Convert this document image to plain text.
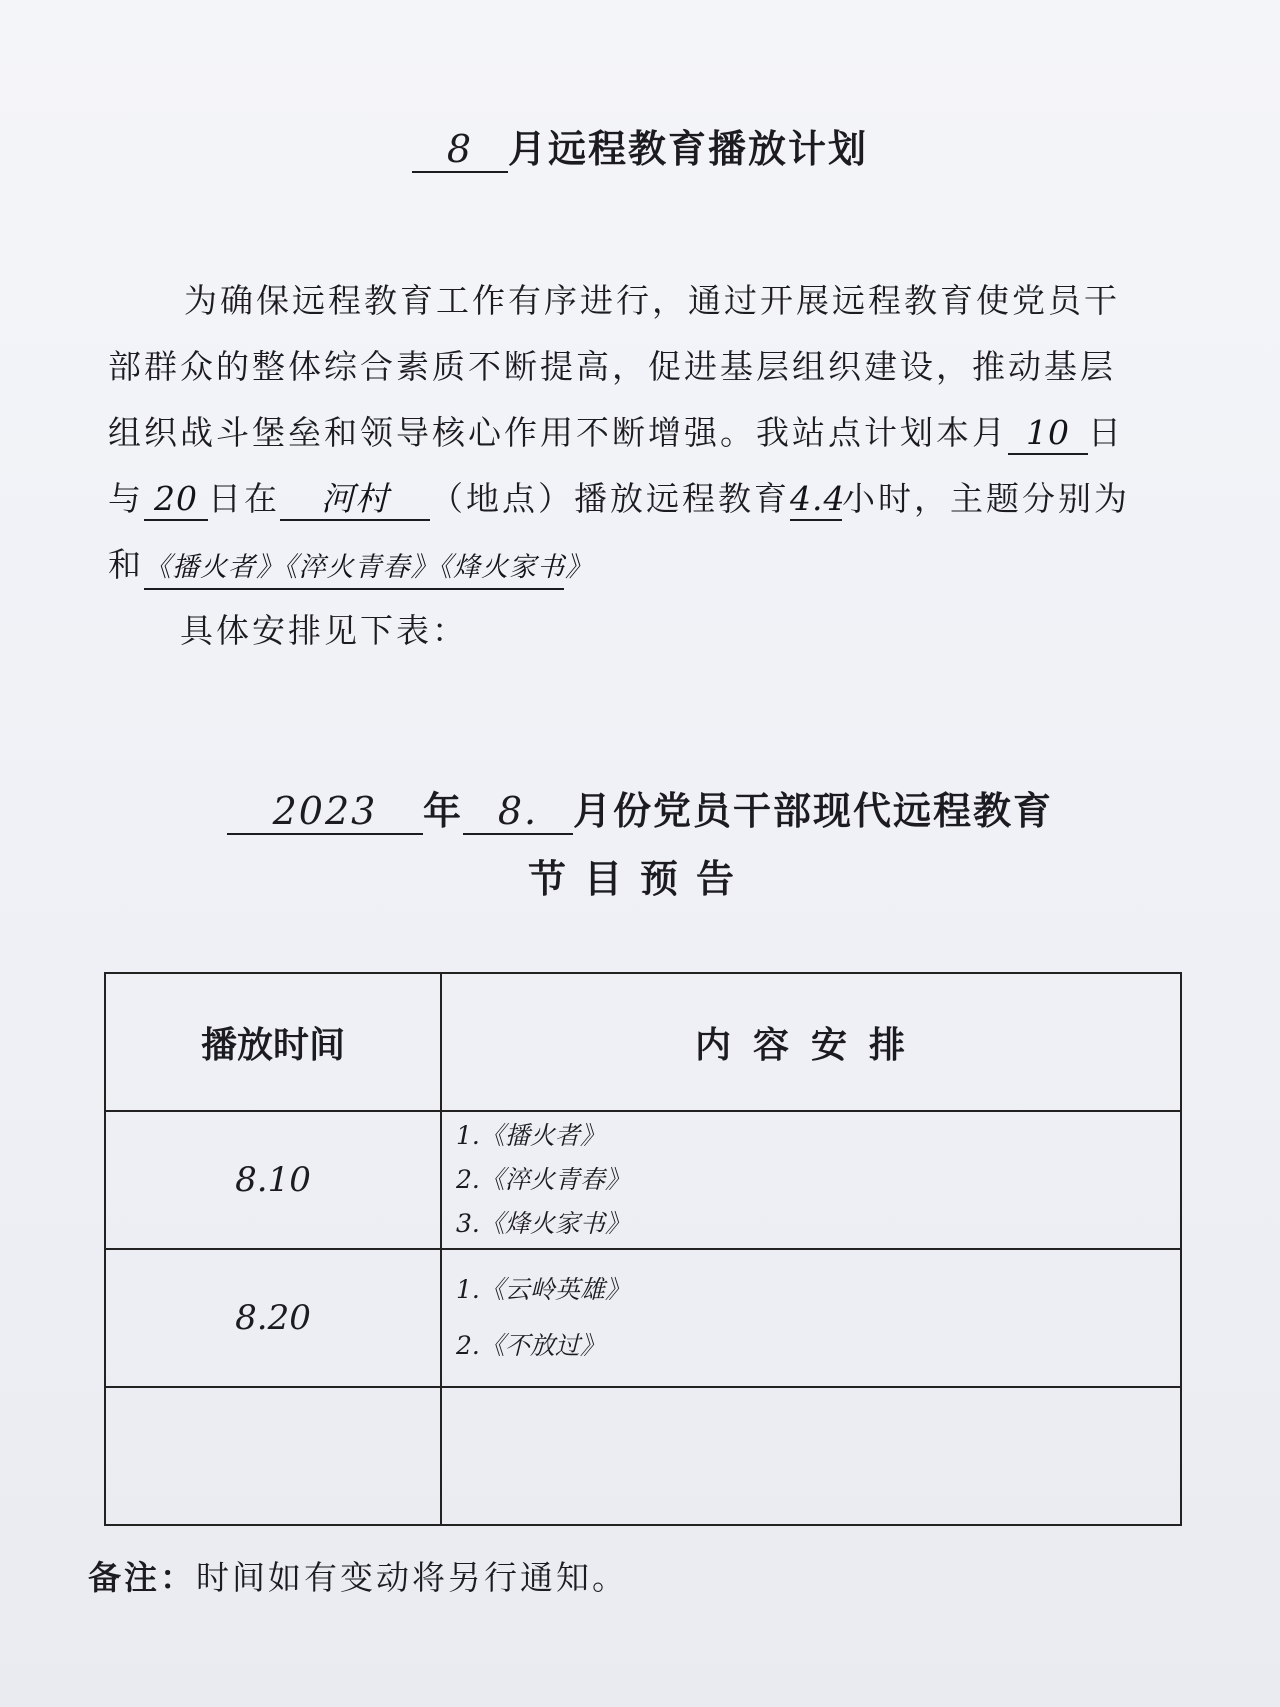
8 月远程教育播放计划

为确保远程教育工作有序进行，通过开展远程教育使党员干

部群众的整体综合素质不断提高，促进基层组织建设，推动基层

组织战斗堡垒和领导核心作用不断增强。我站点计划本月 10 日

与 20 日在 河村 （地点）播放远程教育4.4小时，主题分别为

和《播火者》《淬火青春》《烽火家书》

具体安排见下表：

2023 年 8. 月份党员干部现代远程教育
节目预告
播放时间	内容安排
8.10	1.《播火者》
2.《淬火青春》
3.《烽火家书》

8.20	1.《云岭英雄》
2.《不放过》

备注：时间如有变动将另行通知。
